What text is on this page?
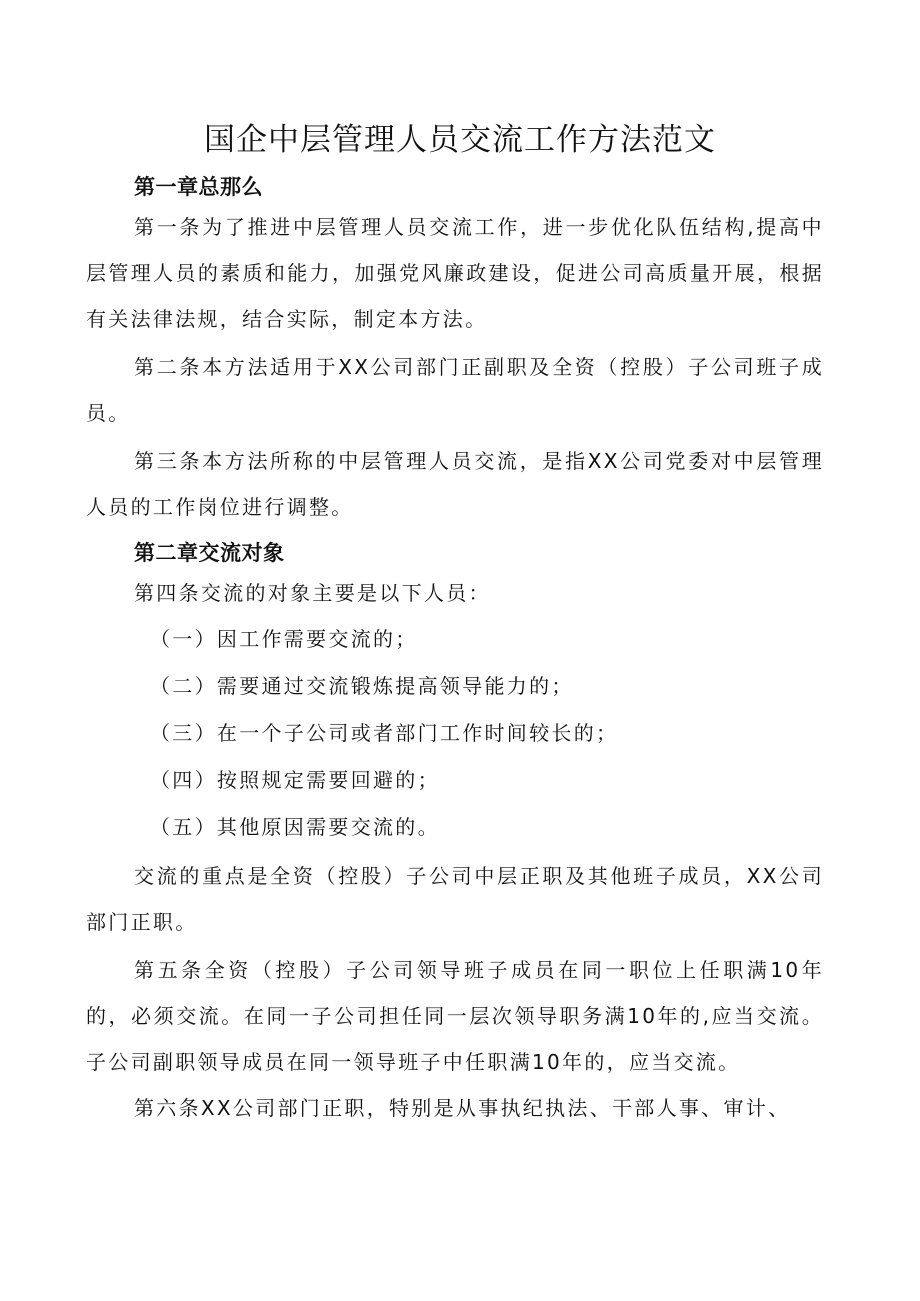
国企中层管理人员交流工作方法范文
第一章总那么

第一条为了推进中层管理人员交流工作，进一步优化队伍结构,提高中层管理人员的素质和能力，加强党风廉政建设，促进公司高质量开展，根据有关法律法规，结合实际，制定本方法。

第二条本方法适用于XX公司部门正副职及全资（控股）子公司班子成员。

第三条本方法所称的中层管理人员交流，是指XX公司党委对中层管理人员的工作岗位进行调整。

第二章交流对象

第四条交流的对象主要是以下人员：

（一）因工作需要交流的；

（二）需要通过交流锻炼提高领导能力的；

（三）在一个子公司或者部门工作时间较长的；

（四）按照规定需要回避的；

（五）其他原因需要交流的。

交流的重点是全资（控股）子公司中层正职及其他班子成员，XX公司部门正职。

第五条全资（控股）子公司领导班子成员在同一职位上任职满10年的，必须交流。在同一子公司担任同一层次领导职务满10年的,应当交流。子公司副职领导成员在同一领导班子中任职满10年的，应当交流。

第六条XX公司部门正职，特别是从事执纪执法、干部人事、审计、
